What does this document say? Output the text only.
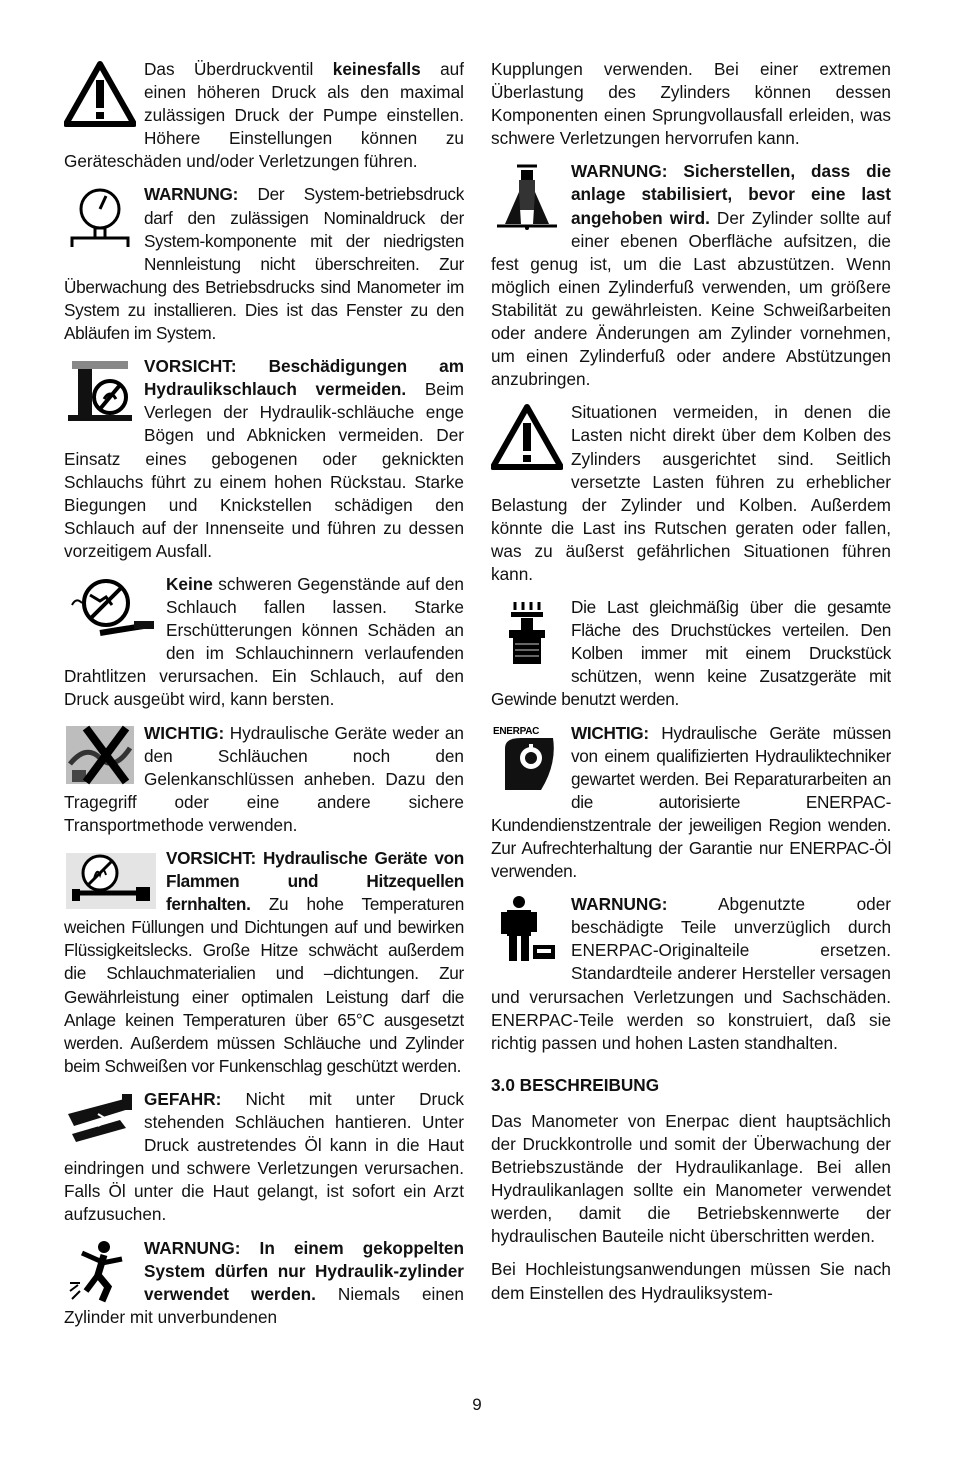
Das Überdruckventil keinesfalls auf einen höheren Druck als den maximal zulässigen Druck der Pumpe einstellen. Höhere Einstellungen können zu Geräteschäden und/oder Verletzungen führen.

WARNUNG: Der System-betriebsdruck darf den zulässigen Nominaldruck der System-komponente mit der niedrigsten Nennleistung nicht überschreiten. Zur Überwachung des Betriebsdrucks sind Manometer im System zu installieren. Dies ist das Fenster zu den Abläufen im System.

VORSICHT: Beschädigungen am Hydraulikschlauch vermeiden. Beim Verlegen der Hydraulik-schläuche enge Bögen und Abknicken vermeiden. Der Einsatz eines gebogenen oder geknickten Schlauchs führt zu einem hohen Rückstau. Starke Biegungen und Knickstellen schädigen den Schlauch auf der Innenseite und führen zu dessen vorzeitigem Ausfall.

Keine schweren Gegenstände auf den Schlauch fallen lassen. Starke Erschütterungen können Schäden an den im Schlauchinnern verlaufenden Drahtlitzen verursachen. Ein Schlauch, auf den Druck ausgeübt wird, kann bersten.

WICHTIG: Hydraulische Geräte weder an den Schläuchen noch den Gelenkanschlüssen anheben. Dazu den Tragegriff oder eine andere sichere Transportmethode verwenden.

VORSICHT: Hydraulische Geräte von Flammen und Hitzequellen fernhalten. Zu hohe Temperaturen weichen Füllungen und Dichtungen auf und bewirken Flüssigkeitslecks. Große Hitze schwächt außerdem die Schlauchmaterialien und –dichtungen. Zur Gewährleistung einer optimalen Leistung darf die Anlage keinen Temperaturen über 65°C ausgesetzt werden. Außerdem müssen Schläuche und Zylinder beim Schweißen vor Funkenschlag geschützt werden.

GEFAHR: Nicht mit unter Druck stehenden Schläuchen hantieren. Unter Druck austretendes Öl kann in die Haut eindringen und schwere Verletzungen verursachen. Falls Öl unter die Haut gelangt, ist sofort ein Arzt aufzusuchen.

WARNUNG: In einem gekoppelten System dürfen nur Hydraulik-zylinder verwendet werden. Niemals einen Zylinder mit unverbundenen

Kupplungen verwenden. Bei einer extremen Überlastung des Zylinders können dessen Komponenten einen Sprungvollausfall erleiden, was schwere Verletzungen hervorrufen kann.

WARNUNG: Sicherstellen, dass die anlage stabilisiert, bevor eine last angehoben wird. Der Zylinder sollte auf einer ebenen Oberfläche aufsitzen, die fest genug ist, um die Last abzustützen. Wenn möglich einen Zylinderfuß verwenden, um größere Stabilität zu gewährleisten. Keine Schweißarbeiten oder andere Änderungen am Zylinder vornehmen, um einen Zylinderfuß oder andere Abstützungen anzubringen.

Situationen vermeiden, in denen die Lasten nicht direkt über dem Kolben des Zylinders ausgerichtet sind. Seitlich versetzte Lasten führen zu erheblicher Belastung der Zylinder und Kolben. Außerdem könnte die Last ins Rutschen geraten oder fallen, was zu äußerst gefährlichen Situationen führen kann.

Die Last gleichmäßig über die gesamte Fläche des Druchstückes verteilen. Den Kolben immer mit einem Druckstück schützen, wenn keine Zusatzgeräte mit Gewinde benutzt werden.

ENERPAC WICHTIG: Hydraulische Geräte müssen von einem qualifizierten Hydrauliktechniker gewartet werden. Bei Reparaturarbeiten an die autorisierte ENERPAC-Kundendienstzentrale der jeweiligen Region wenden. Zur Aufrechterhaltung der Garantie nur ENERPAC-Öl verwenden.

WARNUNG: Abgenutzte oder beschädigte Teile unverzüglich durch ENERPAC-Originalteile ersetzen. Standardteile anderer Hersteller versagen und verursachen Verletzungen und Sachschäden. ENERPAC-Teile werden so konstruiert, daß sie richtig passen und hohen Lasten standhalten.

3.0 BESCHREIBUNG

Das Manometer von Enerpac dient hauptsächlich der Druckkontrolle und somit der Überwachung der Betriebszustände der Hydraulikanlage. Bei allen Hydraulikanlagen sollte ein Manometer verwendet werden, damit die Betriebskennwerte der hydraulischen Bauteile nicht überschritten werden.

Bei Hochleistungsanwendungen müssen Sie nach dem Einstellen des Hydrauliksystem-

9
